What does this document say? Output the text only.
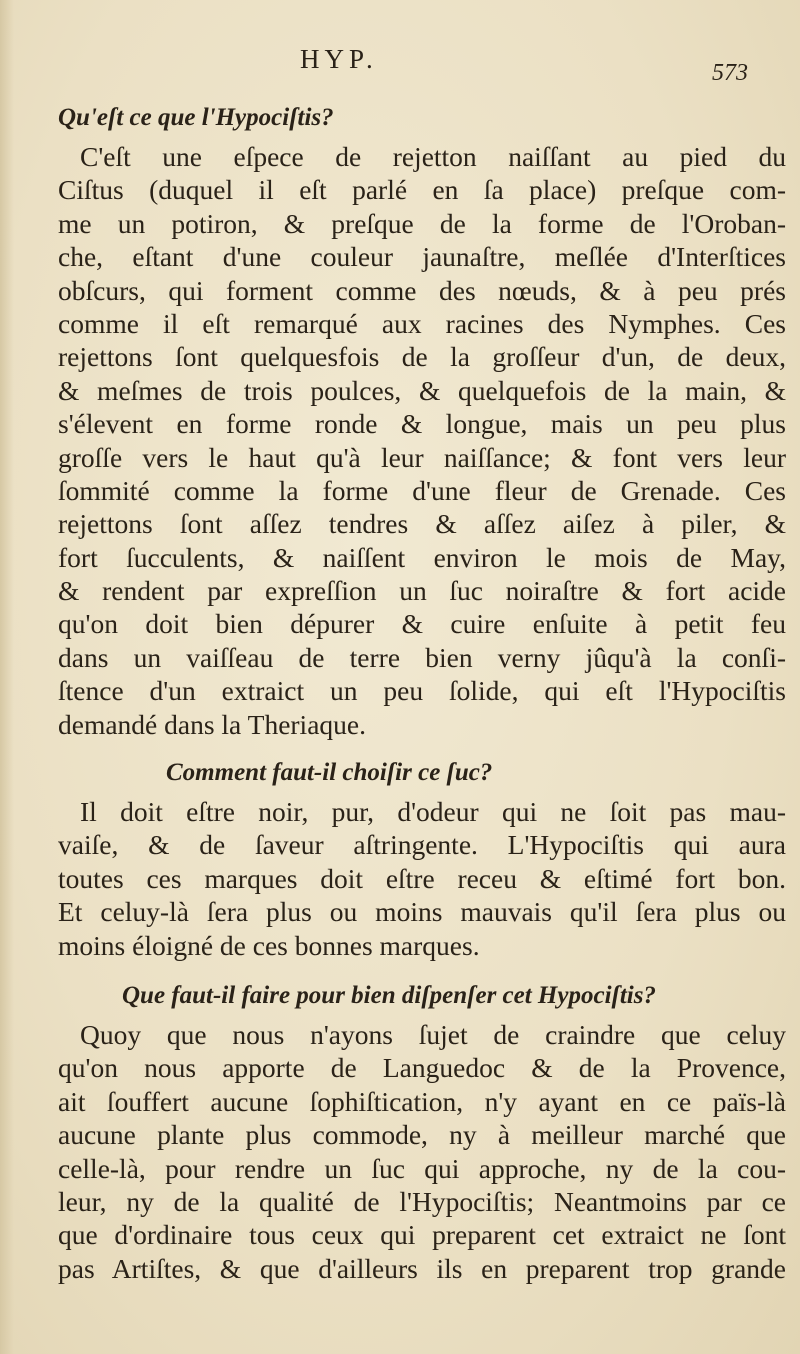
HYP.	573
Qu'eſt ce que l'Hypociſtis?
C'eſt une eſpece de rejetton naiſſant au pied du
Ciſtus (duquel il eſt parlé en ſa place) preſque com-
me un potiron, & preſque de la forme de l'Oroban-
che, eſtant d'une couleur jaunaſtre, meſlée d'Interſtices
obſcurs, qui forment comme des nœuds, & à peu prés
comme il eſt remarqué aux racines des Nymphes. Ces
rejettons ſont quelquesfois de la groſſeur d'un, de deux,
& meſmes de trois poulces, & quelquefois de la main, &
s'élevent en forme ronde & longue, mais un peu plus
groſſe vers le haut qu'à leur naiſſance; & font vers leur
ſommité comme la forme d'une fleur de Grenade. Ces
rejettons ſont aſſez tendres & aſſez aiſez à piler, &
fort ſucculents, & naiſſent environ le mois de May,
& rendent par expreſſion un ſuc noiraſtre & fort acide
qu'on doit bien dépurer & cuire enſuite à petit feu
dans un vaiſſeau de terre bien verny jûqu'à la conſi-
ſtence d'un extraict un peu ſolide, qui eſt l'Hypociſtis
demandé dans la Theriaque.
Comment faut-il choiſir ce ſuc?
Il doit eſtre noir, pur, d'odeur qui ne ſoit pas mau-
vaiſe, & de ſaveur aſtringente. L'Hypociſtis qui aura
toutes ces marques doit eſtre receu & eſtimé fort bon.
Et celuy-là ſera plus ou moins mauvais qu'il ſera plus ou
moins éloigné de ces bonnes marques.
Que faut-il faire pour bien diſpenſer cet Hypociſtis?
Quoy que nous n'ayons ſujet de craindre que celuy
qu'on nous apporte de Languedoc & de la Provence,
ait ſouffert aucune ſophiſtication, n'y ayant en ce païs-là
aucune plante plus commode, ny à meilleur marché que
celle-là, pour rendre un ſuc qui approche, ny de la cou-
leur, ny de la qualité de l'Hypociſtis; Neantmoins par ce
que d'ordinaire tous ceux qui preparent cet extraict ne ſont
pas Artiſtes, & que d'ailleurs ils en preparent trop grande
